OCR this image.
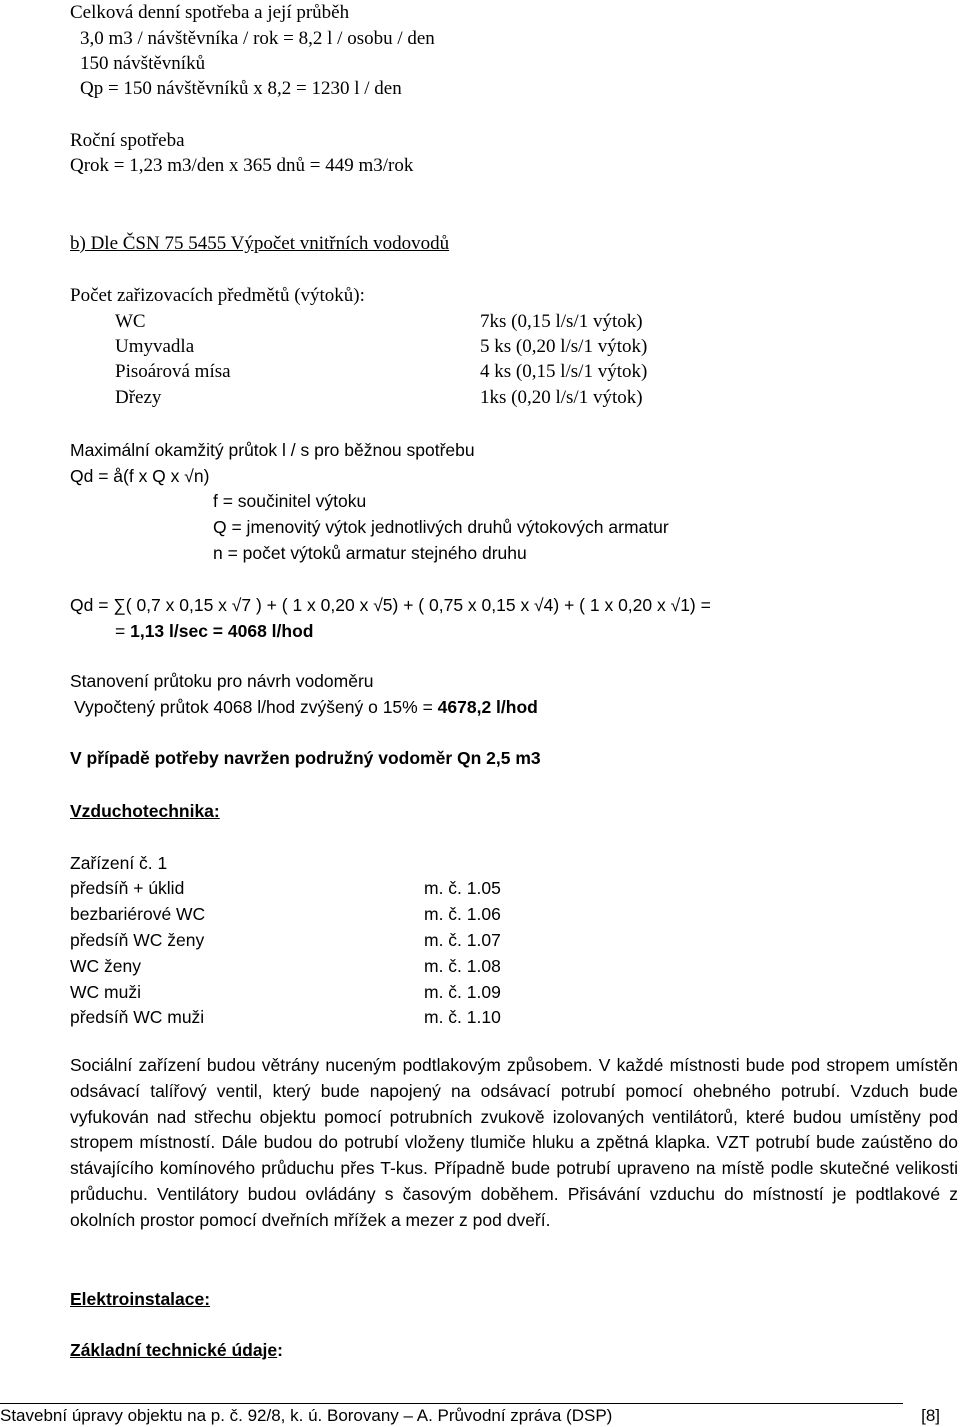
Celková denní spotřeba a její průběh
3,0 m3 / návštěvníka / rok = 8,2 l / osobu / den
150 návštěvníků
Qp = 150 návštěvníků x 8,2 = 1230 l / den
Roční spotřeba
Qrok = 1,23 m3/den x 365 dnů = 449 m3/rok
b) Dle ČSN 75 5455 Výpočet vnitřních vodovodů
Počet zařizovacích předmětů (výtoků):
WC	7ks (0,15 l/s/1 výtok)
Umyvadla	5 ks (0,20 l/s/1 výtok)
Pisoárová mísa	4 ks (0,15 l/s/1 výtok)
Dřezy	1ks (0,20 l/s/1 výtok)
Maximální okamžitý průtok l / s pro běžnou spotřebu
Qd = å(f x Q x √n)
f = součinitel výtoku
Q = jmenovitý výtok jednotlivých druhů výtokových armatur
n = počet výtoků armatur stejného druhu
Qd = ∑( 0,7 x 0,15 x √7 ) + ( 1 x 0,20 x √5) + ( 0,75 x 0,15 x √4) + ( 1 x 0,20 x √1) =
= 1,13 l/sec = 4068 l/hod
Stanovení průtoku pro návrh vodoměru
Vypočtený průtok 4068 l/hod zvýšený o 15% = 4678,2 l/hod
V případě potřeby navržen podružný vodoměr Qn 2,5 m3
Vzduchotechnika:
Zařízení č. 1
předsíň + úklid	m. č. 1.05
bezbariérové WC	m. č. 1.06
předsíň WC ženy	m. č. 1.07
WC ženy	m. č. 1.08
WC muži	m. č. 1.09
předsíň WC muži	m. č. 1.10
Sociální zařízení budou větrány nuceným podtlakovým způsobem. V každé místnosti bude pod stropem umístěn odsávací talířový ventil, který bude napojený na odsávací potrubí pomocí ohebného potrubí. Vzduch bude vyfukován nad střechu objektu pomocí potrubních zvukově izolovaných ventilátorů, které budou umístěny pod stropem místností. Dále budou do potrubí vloženy tlumiče hluku a zpětná klapka. VZT potrubí bude zaústěno do stávajícího komínového průduchu přes T-kus. Případně bude potrubí upraveno na místě podle skutečné velikosti průduchu. Ventilátory budou ovládány s časovým doběhem. Přisávání vzduchu do místností je podtlakové z okolních prostor pomocí dveřních mřížek a mezer z pod dveří.
Elektroinstalace:
Základní technické údaje:
Stavební úpravy objektu na p. č. 92/8, k. ú. Borovany – A. Průvodní zpráva (DSP)	[8]
